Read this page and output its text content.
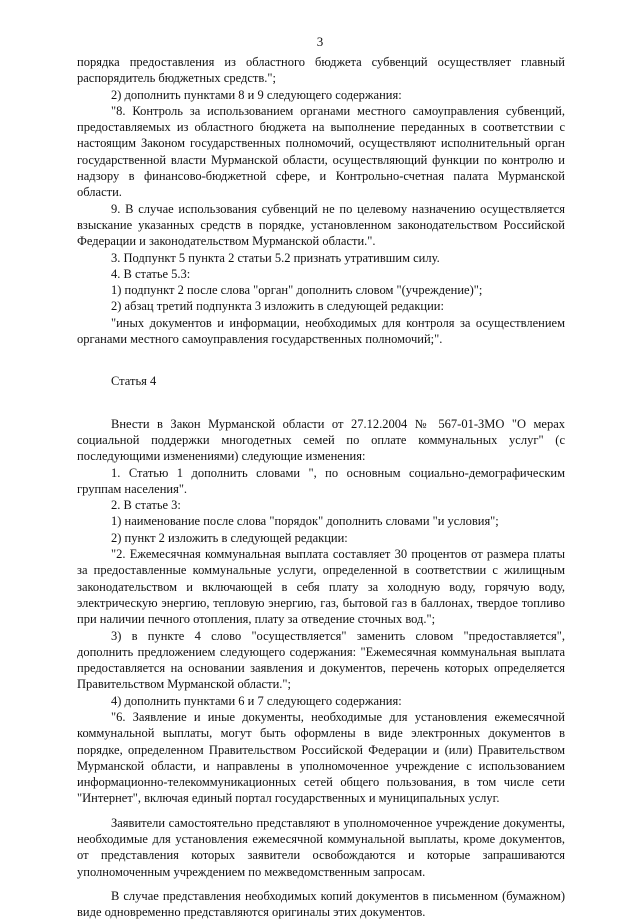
3

порядка предоставления из областного бюджета субвенций осуществляет главный распорядитель бюджетных средств.";

2) дополнить пунктами 8 и 9 следующего содержания:

"8. Контроль за использованием органами местного самоуправления субвенций, предоставляемых из областного бюджета на выполнение переданных в соответствии с настоящим Законом государственных полномочий, осуществляют исполнительный орган государственной власти Мурманской области, осуществляющий функции по контролю и надзору в финансово-бюджетной сфере, и Контрольно-счетная палата Мурманской области.

9. В случае использования субвенций не по целевому назначению осуществляется взыскание указанных средств в порядке, установленном законодательством Российской Федерации и законодательством Мурманской области.".

3. Подпункт 5 пункта 2 статьи 5.2 признать утратившим силу.

4. В статье 5.3:

1) подпункт 2 после слова "орган" дополнить словом "(учреждение)";

2) абзац третий подпункта 3 изложить в следующей редакции:

"иных документов и информации, необходимых для контроля за осуществлением органами местного самоуправления государственных полномочий;".

Статья 4

Внести в Закон Мурманской области от 27.12.2004 № 567-01-ЗМО "О мерах социальной поддержки многодетных семей по оплате коммунальных услуг" (с последующими изменениями) следующие изменения:

1. Статью 1 дополнить словами ", по основным социально-демографическим группам населения".

2. В статье 3:

1) наименование после слова "порядок" дополнить словами "и условия";

2) пункт 2 изложить в следующей редакции:

"2. Ежемесячная коммунальная выплата составляет 30 процентов от размера платы за предоставленные коммунальные услуги, определенной в соответствии с жилищным законодательством и включающей в себя плату за холодную воду, горячую воду, электрическую энергию, тепловую энергию, газ, бытовой газ в баллонах, твердое топливо при наличии печного отопления, плату за отведение сточных вод.";

3) в пункте 4 слово "осуществляется" заменить словом "предоставляется", дополнить предложением следующего содержания: "Ежемесячная коммунальная выплата предоставляется на основании заявления и документов, перечень которых определяется Правительством Мурманской области.";

4) дополнить пунктами 6 и 7 следующего содержания:

"6. Заявление и иные документы, необходимые для установления ежемесячной коммунальной выплаты, могут быть оформлены в виде электронных документов в порядке, определенном Правительством Российской Федерации и (или) Правительством Мурманской области, и направлены в уполномоченное учреждение с использованием информационно-телекоммуникационных сетей общего пользования, в том числе сети "Интернет", включая единый портал государственных и муниципальных услуг.

Заявители самостоятельно представляют в уполномоченное учреждение документы, необходимые для установления ежемесячной коммунальной выплаты, кроме документов, от представления которых заявители освобождаются и которые запрашиваются уполномоченным учреждением по межведомственным запросам.

В случае представления необходимых копий документов в письменном (бумажном) виде одновременно представляются оригиналы этих документов.
